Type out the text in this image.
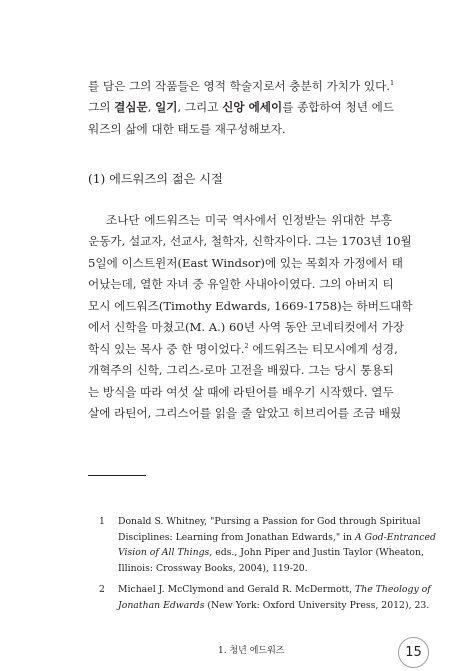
를 담은 그의 작품들은 영적 학술지로서 충분히 가치가 있다.$^1$
그의 결심문, 일기, 그리고 신앙 에세이를 종합하여 청년 에드
워즈의 삶에 대한 태도를 재구성해보자.
(1) 에드워즈의 젊은 시절
조나단 에드워즈는 미국 역사에서 인정받는 위대한 부흥
운동가, 설교자, 선교사, 철학자, 신학자이다. 그는 1703년 10월
5일에 이스트윈저(East Windsor)에 있는 목회자 가정에서 태
어났는데, 열한 자녀 중 유일한 사내아이였다. 그의 아버지 티
모시 에드워즈(Timothy Edwards, 1669-1758)는 하버드대학
에서 신학을 마쳤고(M. A.) 60년 사역 동안 코네티컷에서 가장
학식 있는 목사 중 한 명이었다.$^2$ 에드워즈는 티모시에게 성경,
개혁주의 신학, 그리스-로마 고전을 배웠다. 그는 당시 통용되
는 방식을 따라 여섯 살 때에 라틴어를 배우기 시작했다. 열두
살에 라틴어, 그리스어를 읽을 줄 알았고 히브리어를 조금 배웠
1 Donald S. Whitney, "Pursing a Passion for God through Spiritual
Disciplines: Learning from Jonathan Edwards," in A God-Entranced
Vision of All Things, eds., John Piper and Justin Taylor (Wheaton,
Illinois: Crossway Books, 2004), 119-20.
2 Michael J. McClymond and Gerald R. McDermott, The Theology of
Jonathan Edwards (New York: Oxford University Press, 2012), 23.
1. 청년 에드워즈	15
